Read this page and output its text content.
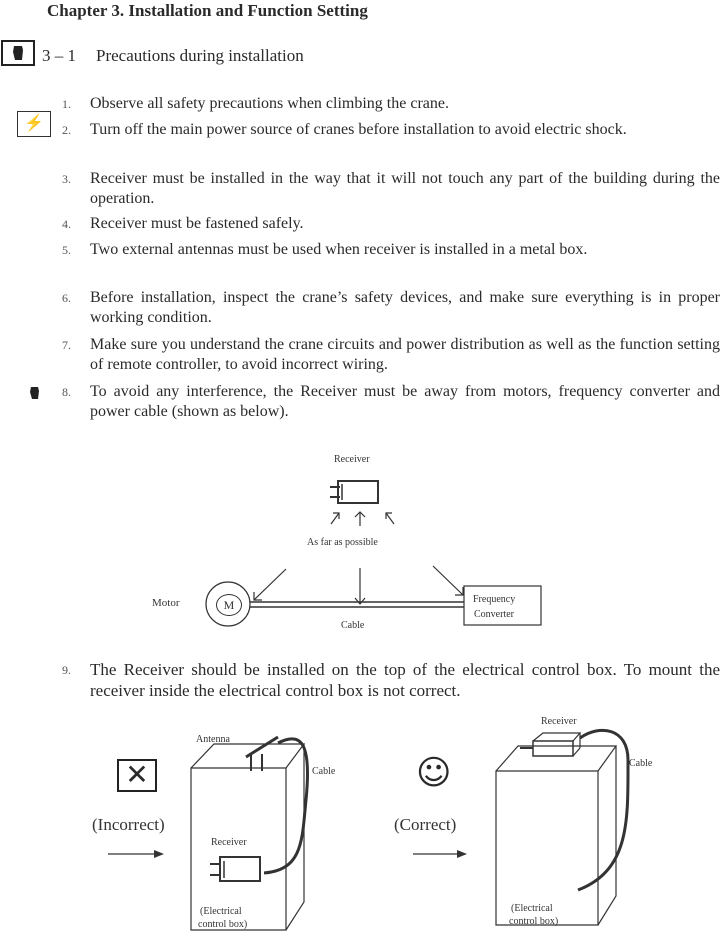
Chapter 3. Installation and Function Setting
3 – 1 Precautions during installation
⚡
1.	Observe all safety precautions when climbing the crane.
2.	Turn off the main power source of cranes before installation to avoid electric shock.
3.	Receiver must be installed in the way that it will not touch any part of the building during the operation.
4.	Receiver must be fastened safely.
5.	Two external antennas must be used when receiver is installed in a metal box.
6.	Before installation, inspect the crane’s safety devices, and make sure everything is in proper working condition.
7.	Make sure you understand the crane circuits and power distribution as well as the function setting of remote controller, to avoid incorrect wiring.
8.	To avoid any interference, the Receiver must be away from motors, frequency converter and power cable (shown as below).
Receiver
As far as possible
Motor	M
Cable
Frequency
Converter
9.	The Receiver should be installed on the top of the electrical control box. To mount the receiver inside the electrical control box is not correct.
✕
(Incorrect)
Antenna
Cable
Receiver
(Electrical
control box)
☺
(Correct)
Receiver
Cable
(Electrical
control box)
